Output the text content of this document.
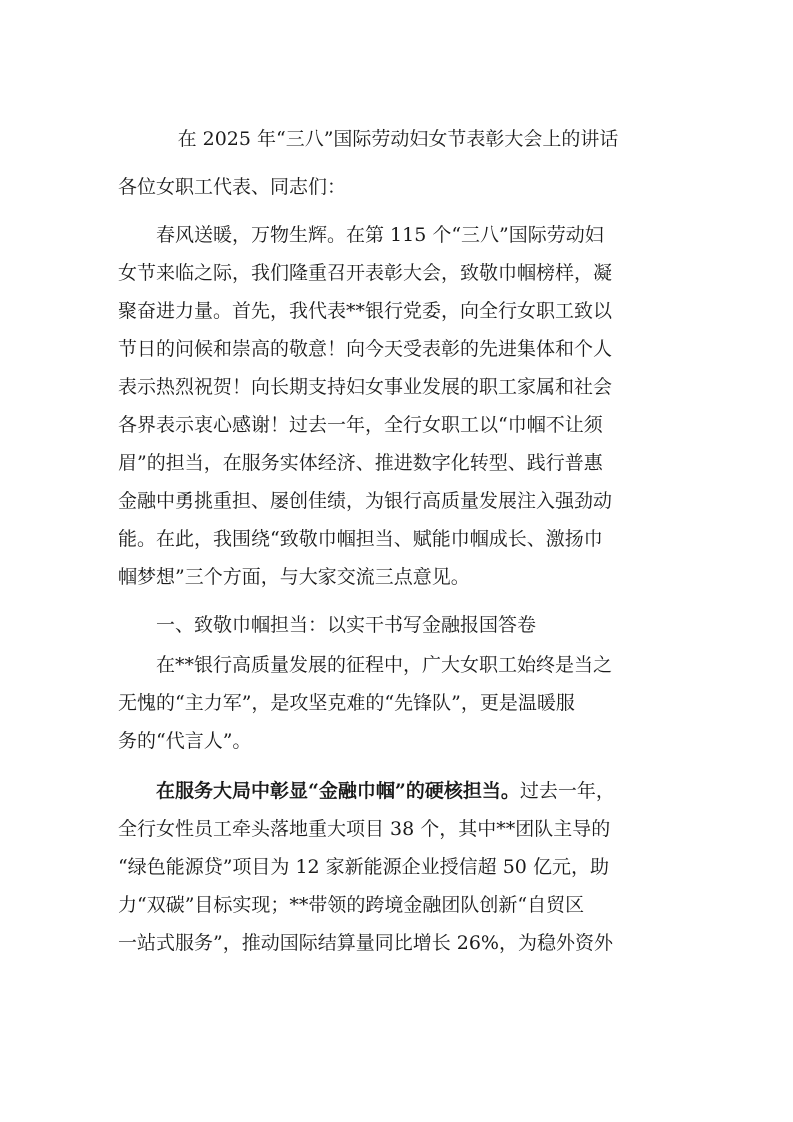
在 2025 年“三八”国际劳动妇女节表彰大会上的讲话
各位女职工代表、同志们：
春风送暖，万物生辉。在第 115 个“三八”国际劳动妇
女节来临之际，我们隆重召开表彰大会，致敬巾帼榜样，凝
聚奋进力量。首先，我代表**银行党委，向全行女职工致以
节日的问候和崇高的敬意！向今天受表彰的先进集体和个人
表示热烈祝贺！向长期支持妇女事业发展的职工家属和社会
各界表示衷心感谢！过去一年，全行女职工以“巾帼不让须
眉”的担当，在服务实体经济、推进数字化转型、践行普惠
金融中勇挑重担、屡创佳绩，为银行高质量发展注入强劲动
能。在此，我围绕“致敬巾帼担当、赋能巾帼成长、激扬巾
帼梦想”三个方面，与大家交流三点意见。
一、致敬巾帼担当：以实干书写金融报国答卷
在**银行高质量发展的征程中，广大女职工始终是当之
无愧的“主力军”，是攻坚克难的“先锋队”，更是温暖服
务的“代言人”。
在服务大局中彰显“金融巾帼”的硬核担当。过去一年，
全行女性员工牵头落地重大项目 38 个，其中**团队主导的
“绿色能源贷”项目为 12 家新能源企业授信超 50 亿元，助
力“双碳”目标实现；**带领的跨境金融团队创新“自贸区
一站式服务”，推动国际结算量同比增长 26%，为稳外资外
